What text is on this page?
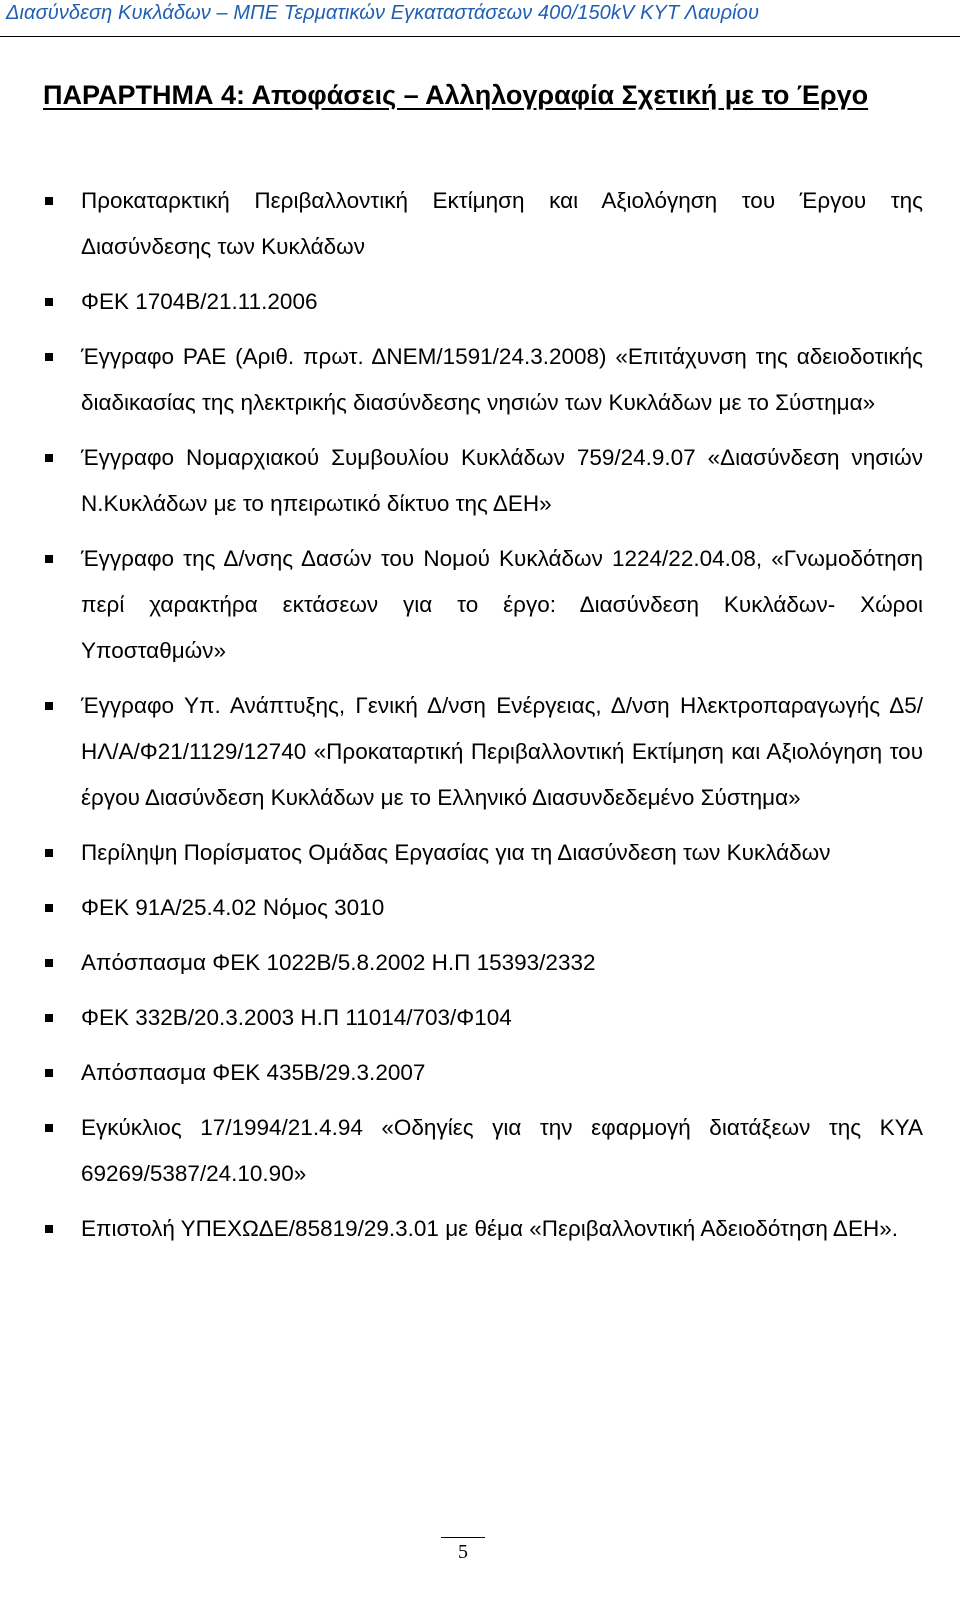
Διασύνδεση Κυκλάδων – ΜΠΕ Τερματικών Εγκαταστάσεων 400/150kV ΚΥΤ Λαυρίου
ΠΑΡΑΡΤΗΜΑ 4: Αποφάσεις – Αλληλογραφία Σχετική με το Έργο
Προκαταρκτική Περιβαλλοντική Εκτίμηση και Αξιολόγηση του Έργου της Διασύνδεσης των Κυκλάδων
ΦΕΚ 1704Β/21.11.2006
Έγγραφο ΡΑΕ (Αριθ. πρωτ. ΔΝΕΜ/1591/24.3.2008) «Επιτάχυνση της αδειοδοτικής διαδικασίας της ηλεκτρικής διασύνδεσης νησιών των Κυκλάδων με το Σύστημα»
Έγγραφο Νομαρχιακού Συμβουλίου Κυκλάδων 759/24.9.07 «Διασύνδεση νησιών Ν.Κυκλάδων με το ηπειρωτικό δίκτυο της ΔΕΗ»
Έγγραφο της Δ/νσης Δασών του Νομού Κυκλάδων 1224/22.04.08, «Γνωμοδότηση περί χαρακτήρα εκτάσεων για το έργο: Διασύνδεση Κυκλάδων- Χώροι Υποσταθμών»
Έγγραφο Υπ. Ανάπτυξης, Γενική Δ/νση Ενέργειας, Δ/νση Ηλεκτροπαραγωγής Δ5/ΗΛ/Α/Φ21/1129/12740 «Προκαταρτική Περιβαλλοντική Εκτίμηση και Αξιολόγηση του έργου Διασύνδεση Κυκλάδων με το Ελληνικό Διασυνδεδεμένο Σύστημα»
Περίληψη Πορίσματος Ομάδας Εργασίας για τη Διασύνδεση των Κυκλάδων
ΦΕΚ 91Α/25.4.02 Νόμος 3010
Απόσπασμα ΦΕΚ 1022Β/5.8.2002 Η.Π 15393/2332
ΦΕΚ 332Β/20.3.2003 Η.Π 11014/703/Φ104
Απόσπασμα ΦΕΚ 435Β/29.3.2007
Εγκύκλιος 17/1994/21.4.94 «Οδηγίες για την εφαρμογή διατάξεων της ΚΥΑ 69269/5387/24.10.90»
Επιστολή ΥΠΕΧΩΔΕ/85819/29.3.01 με θέμα «Περιβαλλοντική Αδειοδότηση ΔΕΗ».
5
